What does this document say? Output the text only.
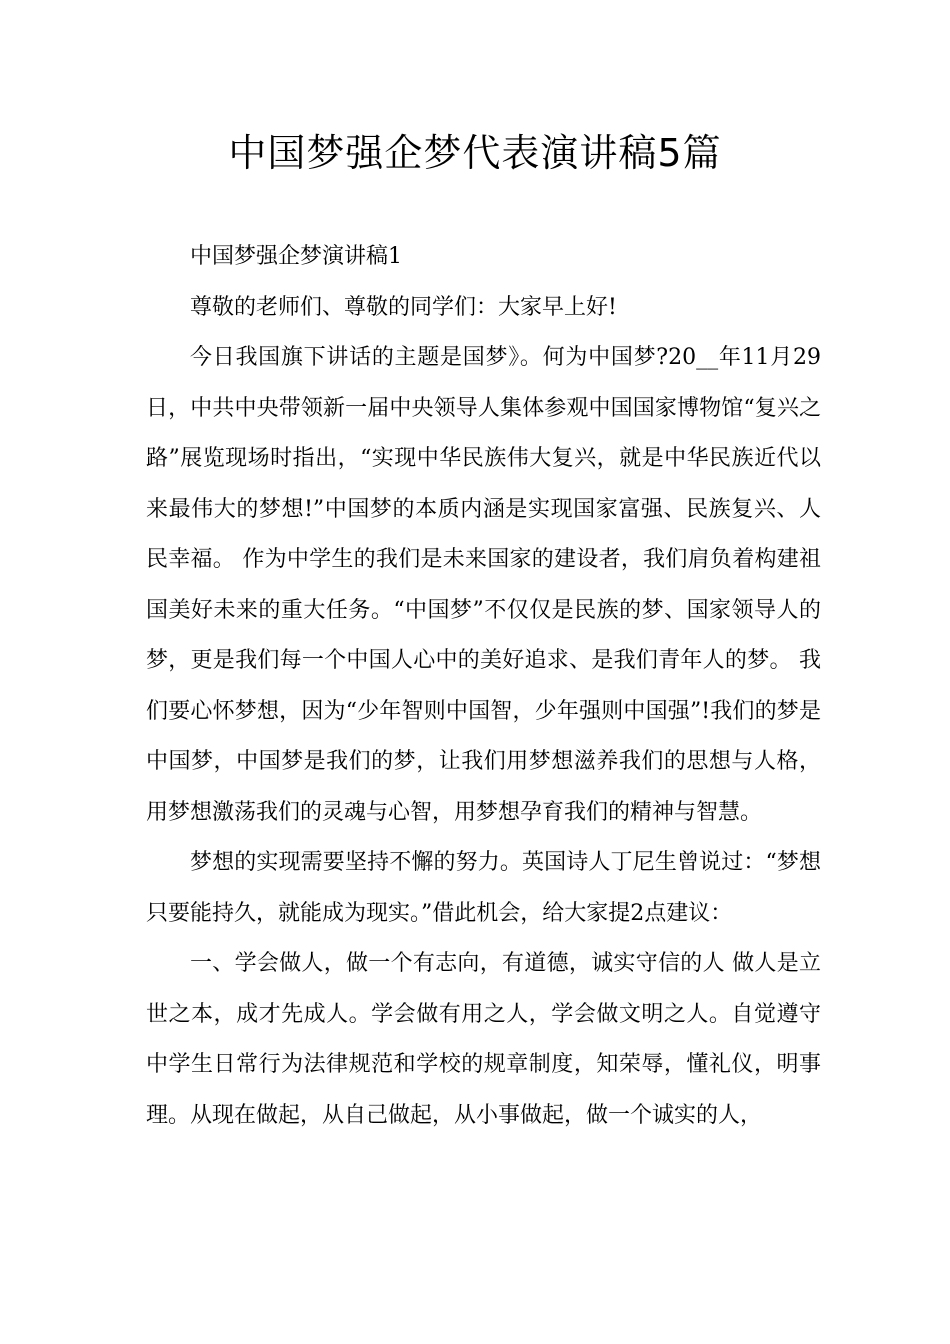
中国梦强企梦代表演讲稿5篇

中国梦强企梦演讲稿1

尊敬的老师们、尊敬的同学们：大家早上好!

今日我国旗下讲话的主题是国梦》。何为中国梦?20__年11月29日，中共中央带领新一届中央领导人集体参观中国国家博物馆“复兴之路”展览现场时指出，“实现中华民族伟大复兴，就是中华民族近代以来最伟大的梦想!”中国梦的本质内涵是实现国家富强、民族复兴、人民幸福。 作为中学生的我们是未来国家的建设者，我们肩负着构建祖国美好未来的重大任务。“中国梦”不仅仅是民族的梦、国家领导人的梦，更是我们每一个中国人心中的美好追求、是我们青年人的梦。 我们要心怀梦想，因为“少年智则中国智，少年强则中国强”!我们的梦是中国梦，中国梦是我们的梦，让我们用梦想滋养我们的思想与人格，用梦想激荡我们的灵魂与心智，用梦想孕育我们的精神与智慧。

梦想的实现需要坚持不懈的努力。英国诗人丁尼生曾说过：“梦想只要能持久，就能成为现实。”借此机会，给大家提2点建议：

一、学会做人，做一个有志向，有道德，诚实守信的人 做人是立世之本，成才先成人。学会做有用之人，学会做文明之人。自觉遵守中学生日常行为法律规范和学校的规章制度，知荣辱，懂礼仪，明事理。从现在做起，从自己做起，从小事做起，做一个诚实的人，
